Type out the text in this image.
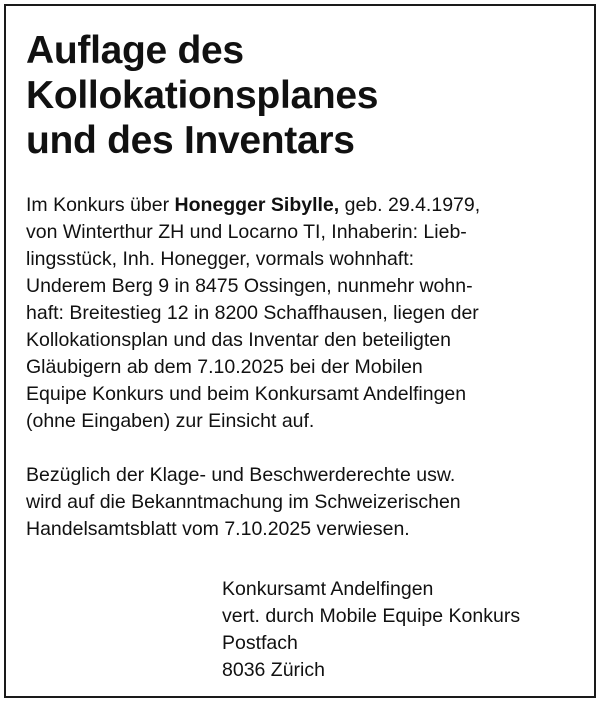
Auflage des
Kollokationsplanes
und des Inventars
Im Konkurs über Honegger Sibylle, geb. 29.4.1979,
von Winterthur ZH und Locarno TI, Inhaberin: Lieb-
lingsstück, Inh. Honegger, vormals wohnhaft:
Underem Berg 9 in 8475 Ossingen, nunmehr wohn-
haft: Breitestieg 12 in 8200 Schaffhausen, liegen der
Kollokationsplan und das Inventar den beteiligten
Gläubigern ab dem 7.10.2025 bei der Mobilen
Equipe Konkurs und beim Konkursamt Andelfingen
(ohne Eingaben) zur Einsicht auf.
Bezüglich der Klage- und Beschwerderechte usw.
wird auf die Bekanntmachung im Schweizerischen
Handelsamtsblatt vom 7.10.2025 verwiesen.
Konkursamt Andelfingen
vert. durch Mobile Equipe Konkurs
Postfach
8036 Zürich
